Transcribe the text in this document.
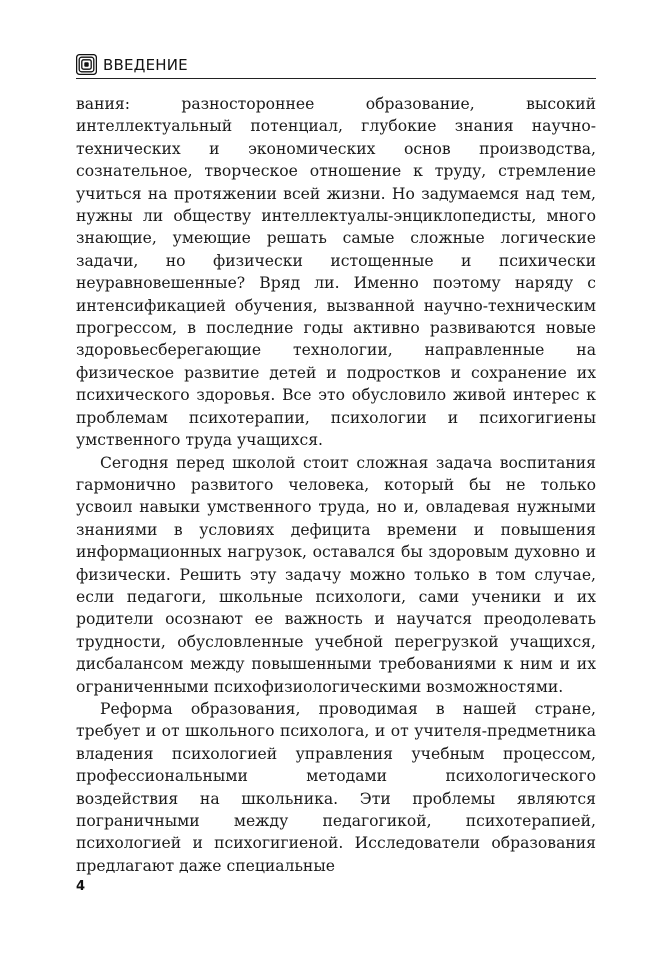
ВВЕДЕНИЕ

вания: разностороннее образование, высокий интеллектуальный потенциал, глубокие знания научно-технических и экономических основ производства, сознательное, творческое отношение к труду, стремление учиться на протяжении всей жизни. Но задумаемся над тем, нужны ли обществу интеллектуалы-энциклопедисты, много знающие, умеющие решать самые сложные логические задачи, но физически истощенные и психически неуравновешенные? Вряд ли. Именно поэтому наряду с интенсификацией обучения, вызванной научно-техническим прогрессом, в последние годы активно развиваются новые здоровьесберегающие технологии, направленные на физическое развитие детей и подростков и сохранение их психического здоровья. Все это обусловило живой интерес к проблемам психотерапии, психологии и психогигиены умственного труда учащихся.

Сегодня перед школой стоит сложная задача воспитания гармонично развитого человека, который бы не только усвоил навыки умственного труда, но и, овладевая нужными знаниями в условиях дефицита времени и повышения информационных нагрузок, оставался бы здоровым духовно и физически. Решить эту задачу можно только в том случае, если педагоги, школьные психологи, сами ученики и их родители осознают ее важность и научатся преодолевать трудности, обусловленные учебной перегрузкой учащихся, дисбалансом между повышенными требованиями к ним и их ограниченными психофизиологическими возможностями.

Реформа образования, проводимая в нашей стране, требует и от школьного психолога, и от учителя-предметника владения психологией управления учебным процессом, профессиональными методами психологического воздействия на школьника. Эти проблемы являются пограничными между педагогикой, психотерапией, психологией и психогигиеной. Исследователи образования предлагают даже специальные

4
